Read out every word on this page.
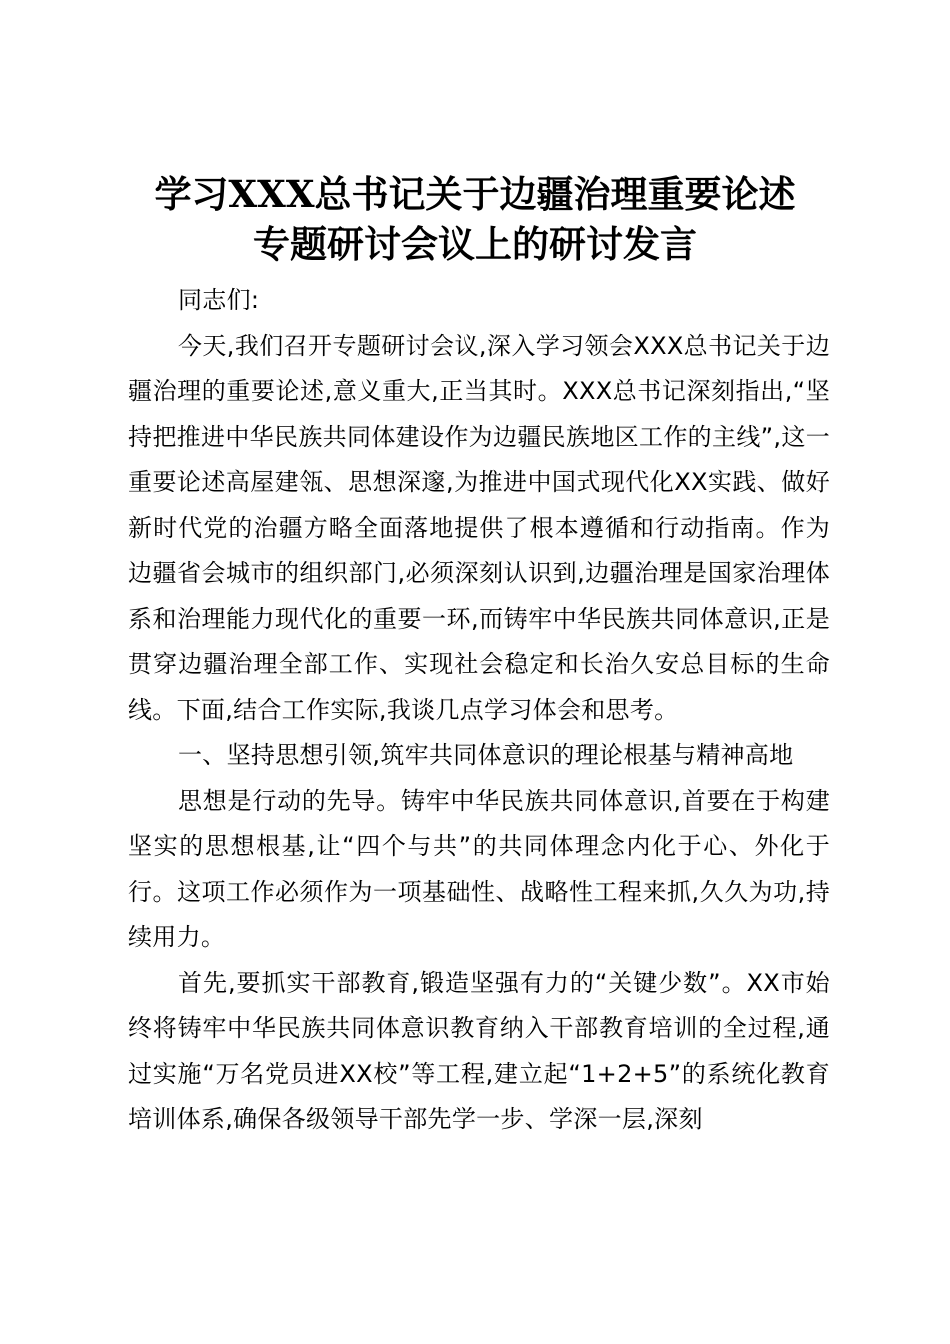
学习XXX总书记关于边疆治理重要论述
专题研讨会议上的研讨发言

同志们:

今天,我们召开专题研讨会议,深入学习领会XXX总书记关于边疆治理的重要论述,意义重大,正当其时。XXX总书记深刻指出,“坚持把推进中华民族共同体建设作为边疆民族地区工作的主线”,这一重要论述高屋建瓴、思想深邃,为推进中国式现代化XX实践、做好新时代党的治疆方略全面落地提供了根本遵循和行动指南。作为边疆省会城市的组织部门,必须深刻认识到,边疆治理是国家治理体系和治理能力现代化的重要一环,而铸牢中华民族共同体意识,正是贯穿边疆治理全部工作、实现社会稳定和长治久安总目标的生命线。下面,结合工作实际,我谈几点学习体会和思考。

一、坚持思想引领,筑牢共同体意识的理论根基与精神高地

思想是行动的先导。铸牢中华民族共同体意识,首要在于构建坚实的思想根基,让“四个与共”的共同体理念内化于心、外化于行。这项工作必须作为一项基础性、战略性工程来抓,久久为功,持续用力。

首先,要抓实干部教育,锻造坚强有力的“关键少数”。XX市始终将铸牢中华民族共同体意识教育纳入干部教育培训的全过程,通过实施“万名党员进XX校”等工程,建立起“1+2+5”的系统化教育培训体系,确保各级领导干部先学一步、学深一层,深刻
